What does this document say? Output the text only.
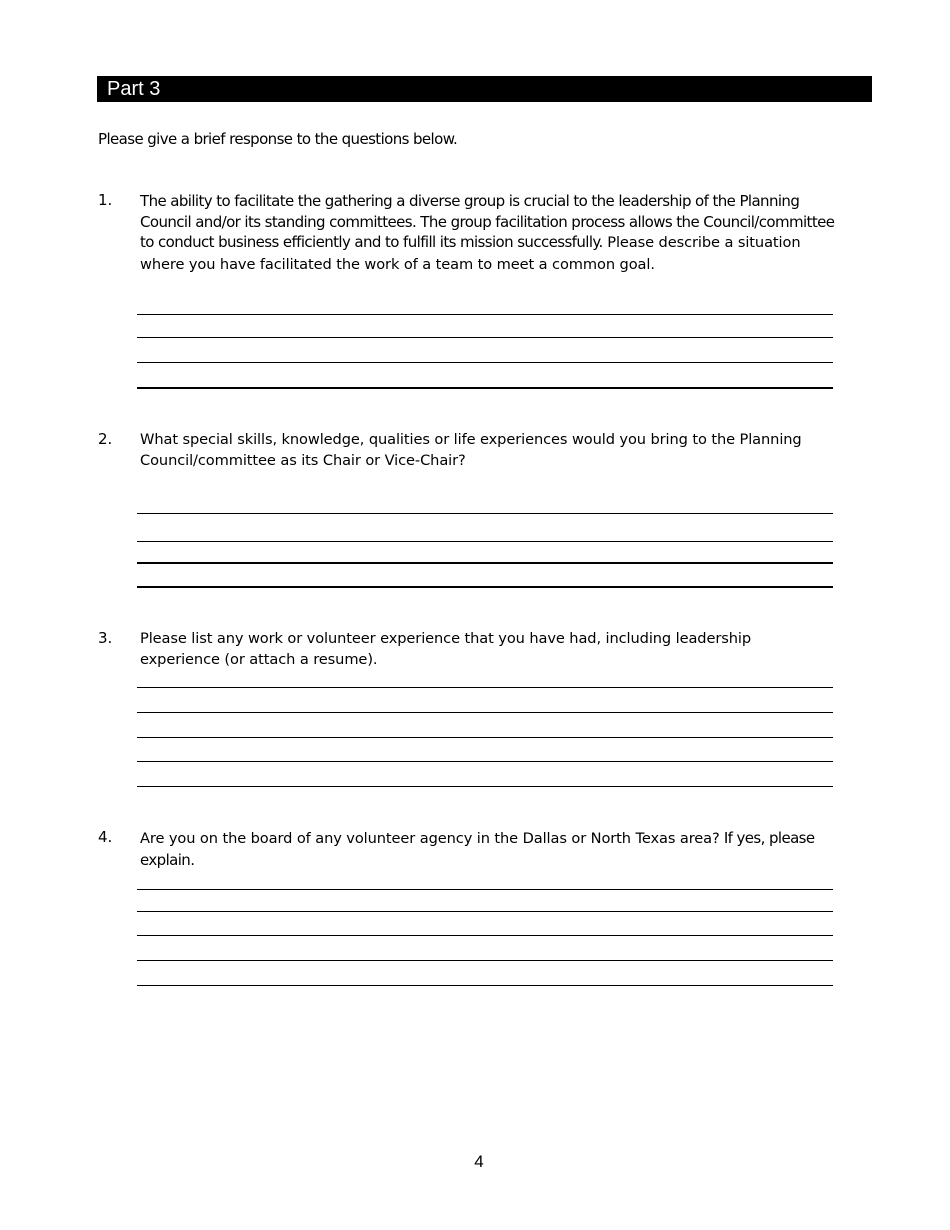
Part 3
Please give a brief response to the questions below.
1. The ability to facilitate the gathering a diverse group is crucial to the leadership of the Planning Council and/or its standing committees. The group facilitation process allows the Council/committee to conduct business efficiently and to fulfill its mission successfully. Please describe a situation where you have facilitated the work of a team to meet a common goal.
2. What special skills, knowledge, qualities or life experiences would you bring to the Planning Council/committee as its Chair or Vice-Chair?
3. Please list any work or volunteer experience that you have had, including leadership experience (or attach a resume).
4. Are you on the board of any volunteer agency in the Dallas or North Texas area? If yes, please explain.
4
